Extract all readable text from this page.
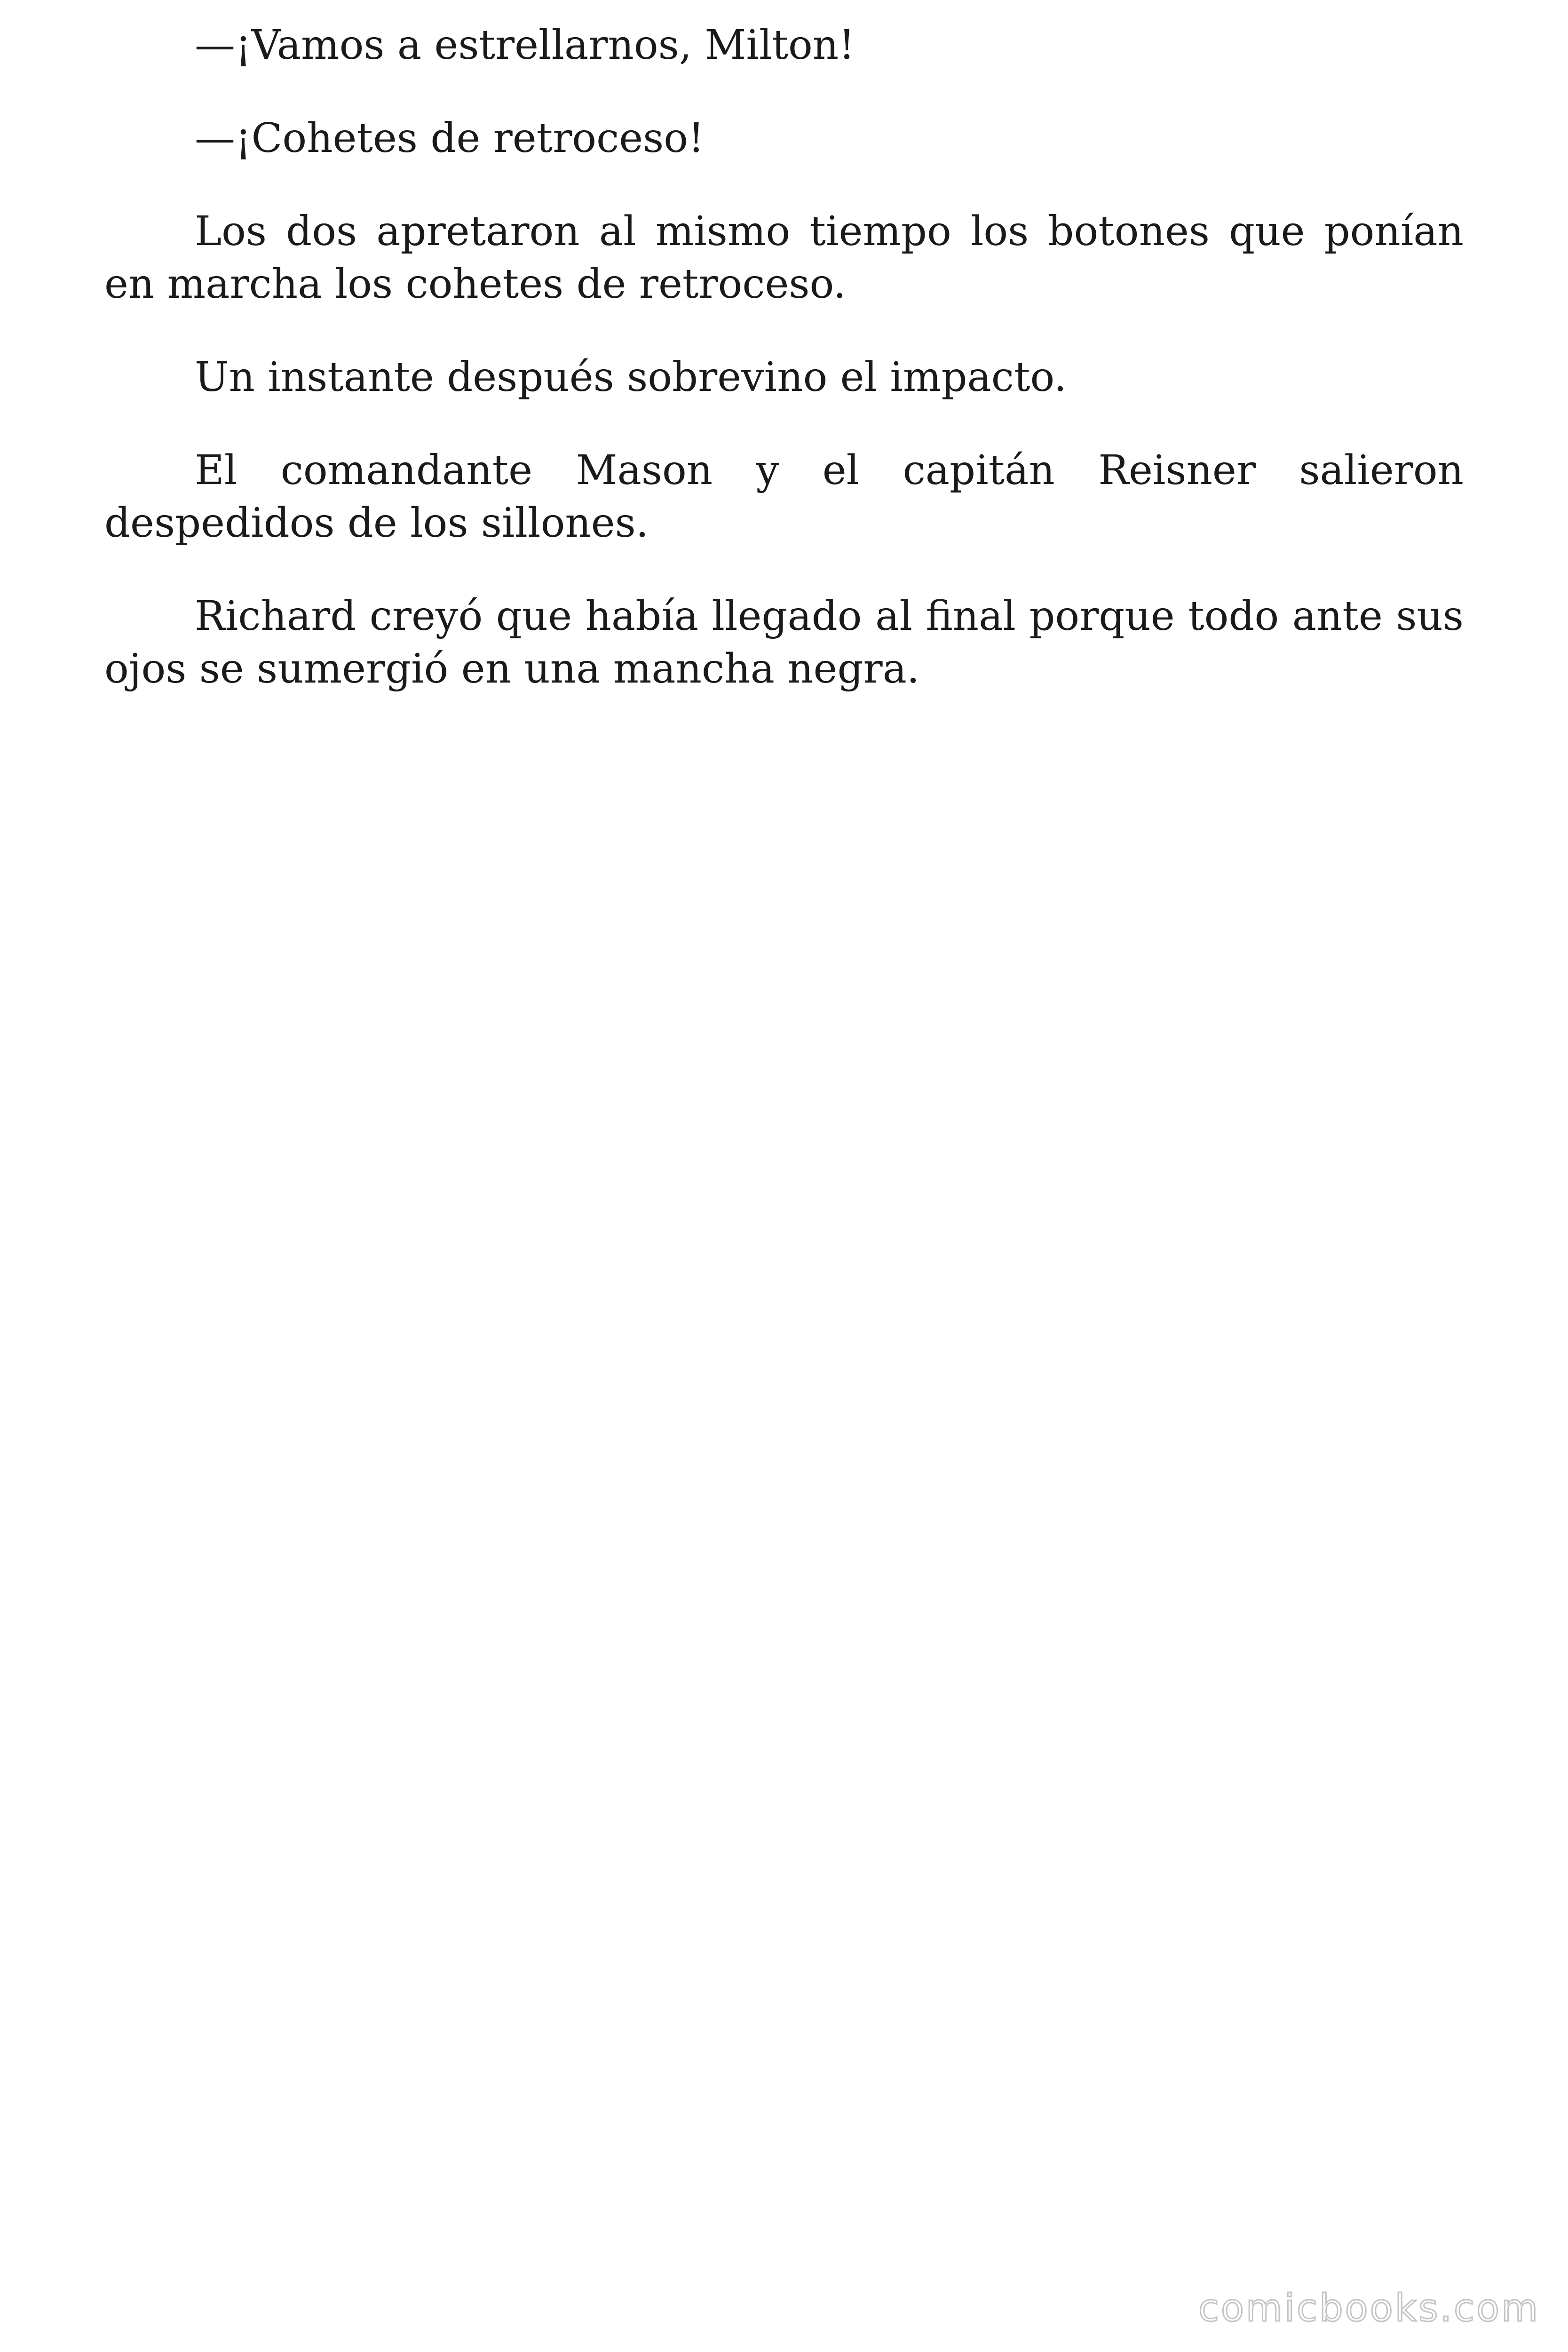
—¡Vamos a estrellarnos, Milton!

—¡Cohetes de retroceso!

Los dos apretaron al mismo tiempo los botones que ponían en marcha los cohetes de retroceso.

Un instante después sobrevino el impacto.

El comandante Mason y el capitán Reisner salieron despedidos de los sillones.

Richard creyó que había llegado al final porque todo ante sus ojos se sumergió en una mancha negra.

comicbooks.com
